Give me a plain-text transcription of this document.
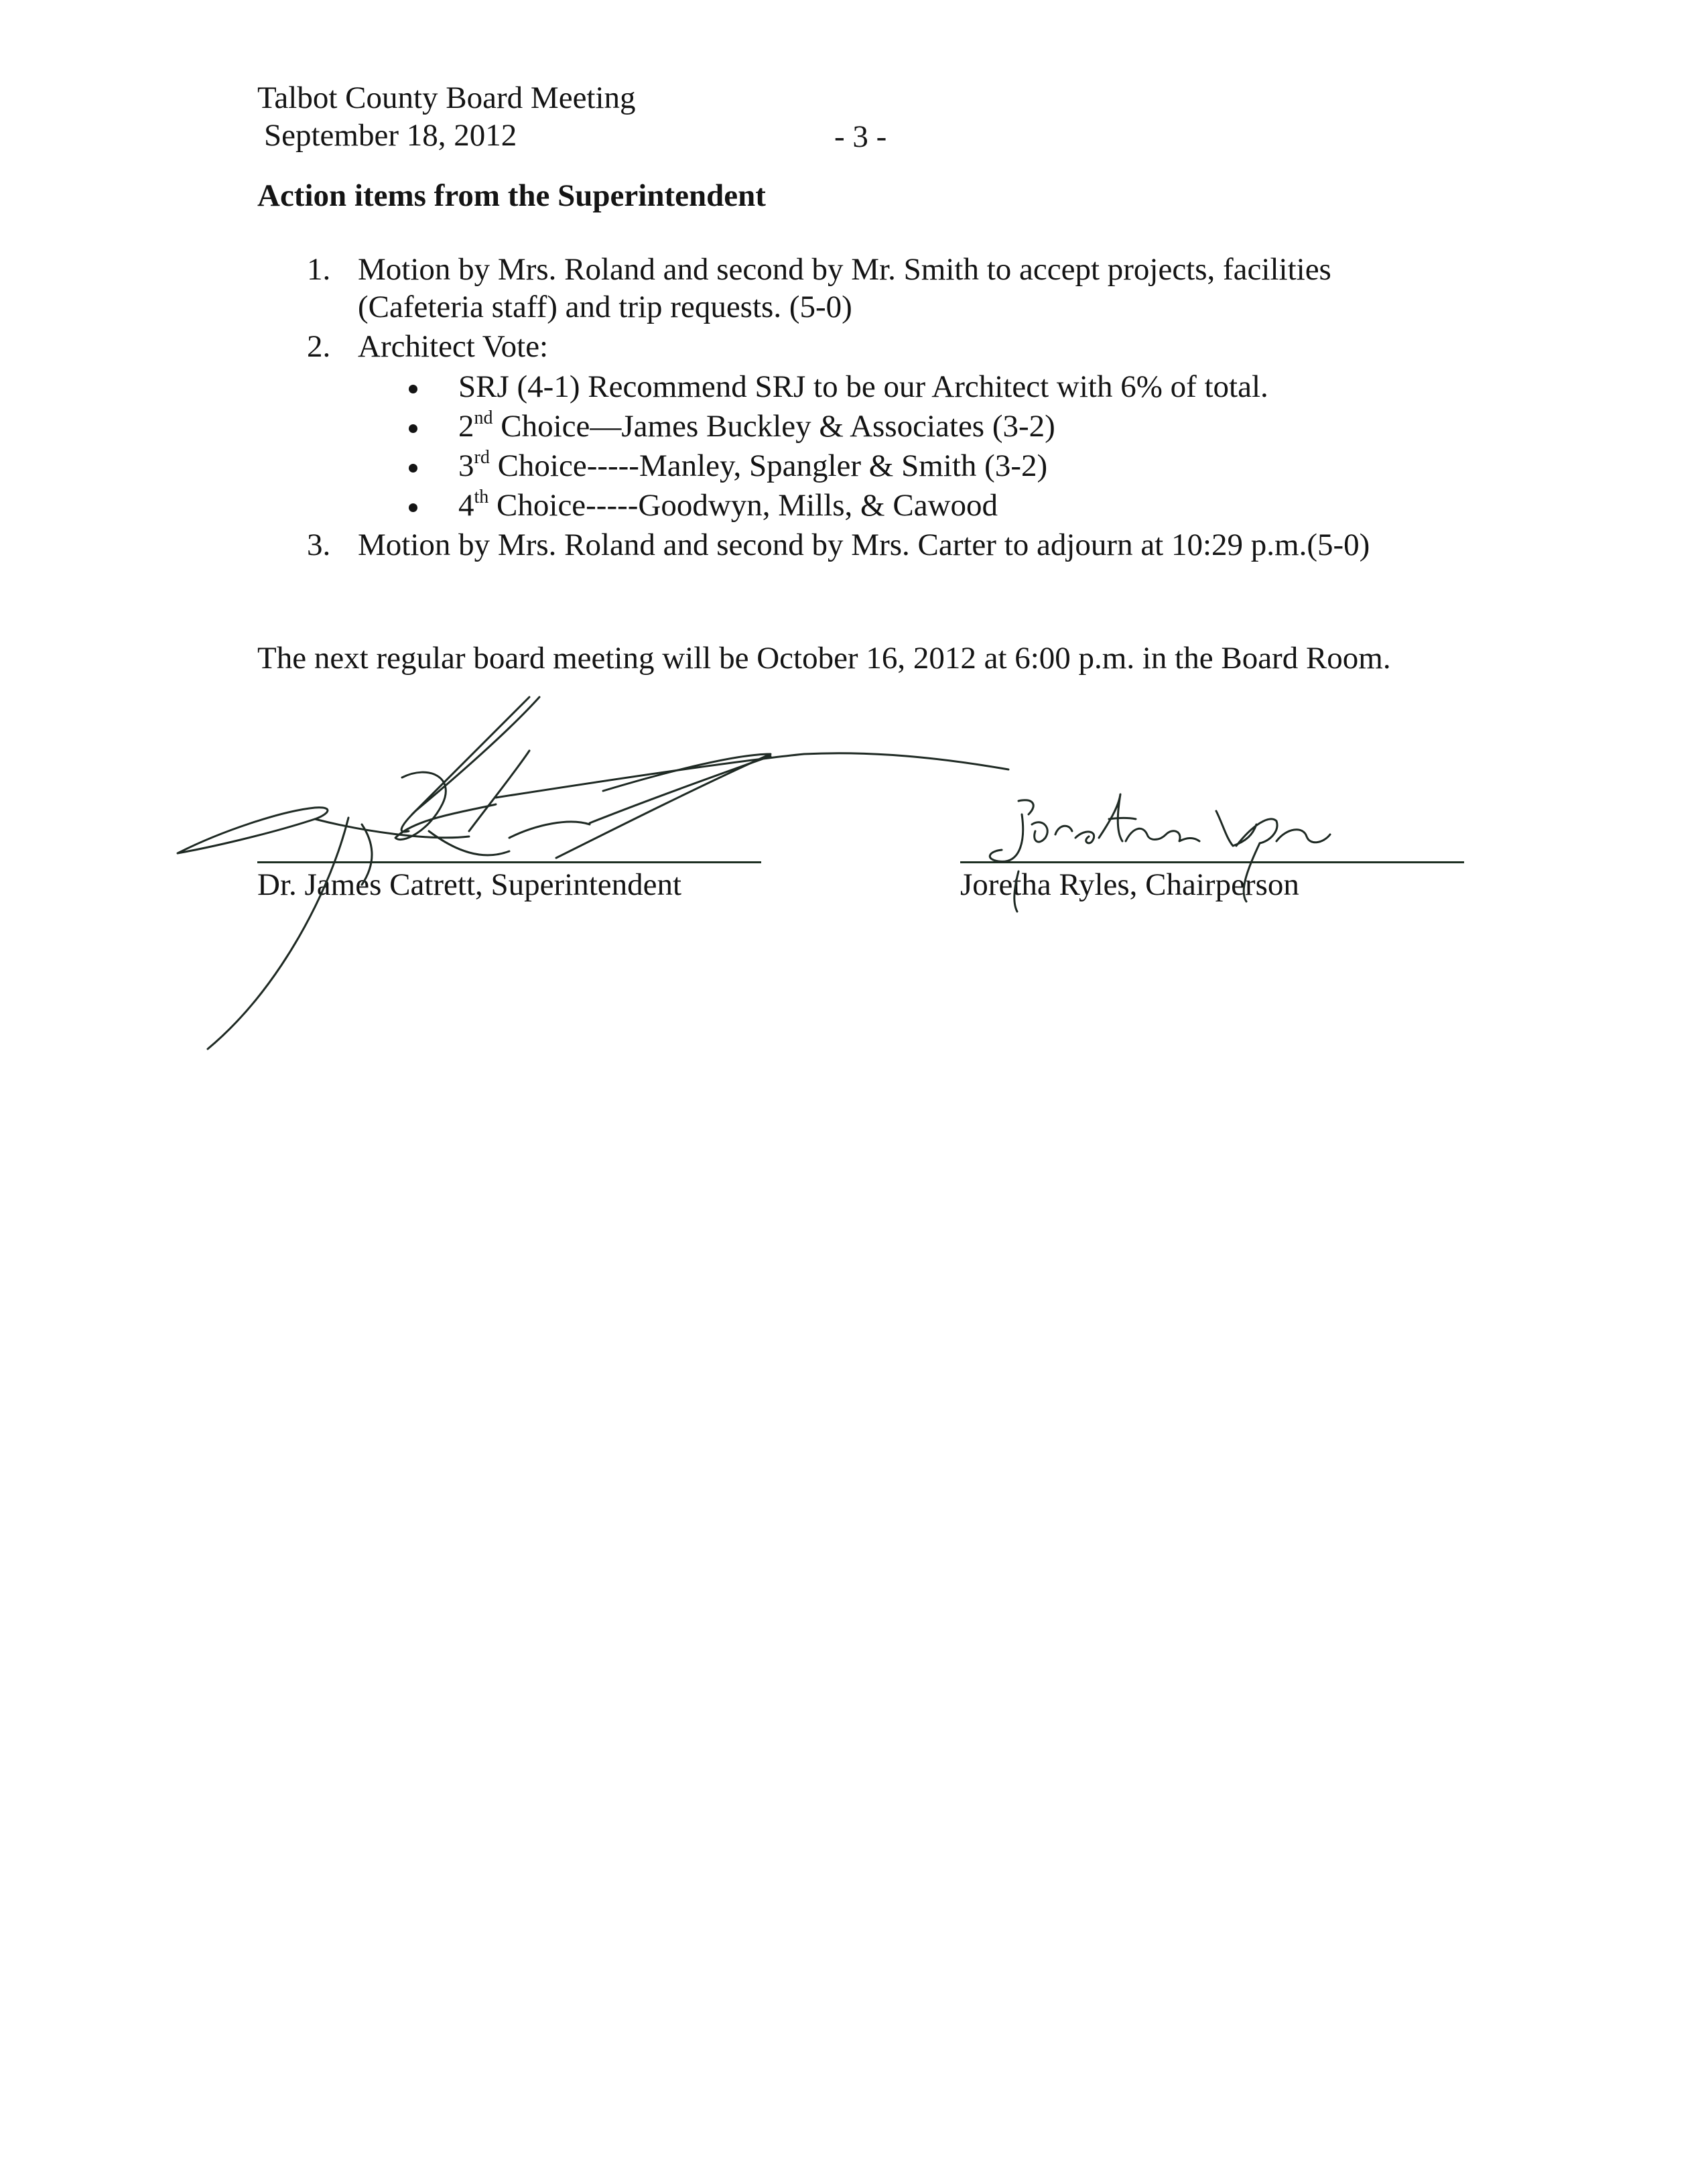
Talbot County Board Meeting
September 18, 2012	- 3 -
Action items from the Superintendent
1. Motion by Mrs. Roland and second by Mr. Smith to accept projects, facilities
(Cafeteria staff) and trip requests. (5-0)
2. Architect Vote:
SRJ (4-1) Recommend SRJ to be our Architect with 6% of total.
2nd Choice—James Buckley & Associates (3-2)
3rd Choice-----Manley, Spangler & Smith (3-2)
4th Choice-----Goodwyn, Mills, & Cawood
3. Motion by Mrs. Roland and second by Mrs. Carter to adjourn at 10:29 p.m.(5-0)
The next regular board meeting will be October 16, 2012 at 6:00 p.m. in the Board Room.
Dr. James Catrett, Superintendent	Joretha Ryles, Chairperson
